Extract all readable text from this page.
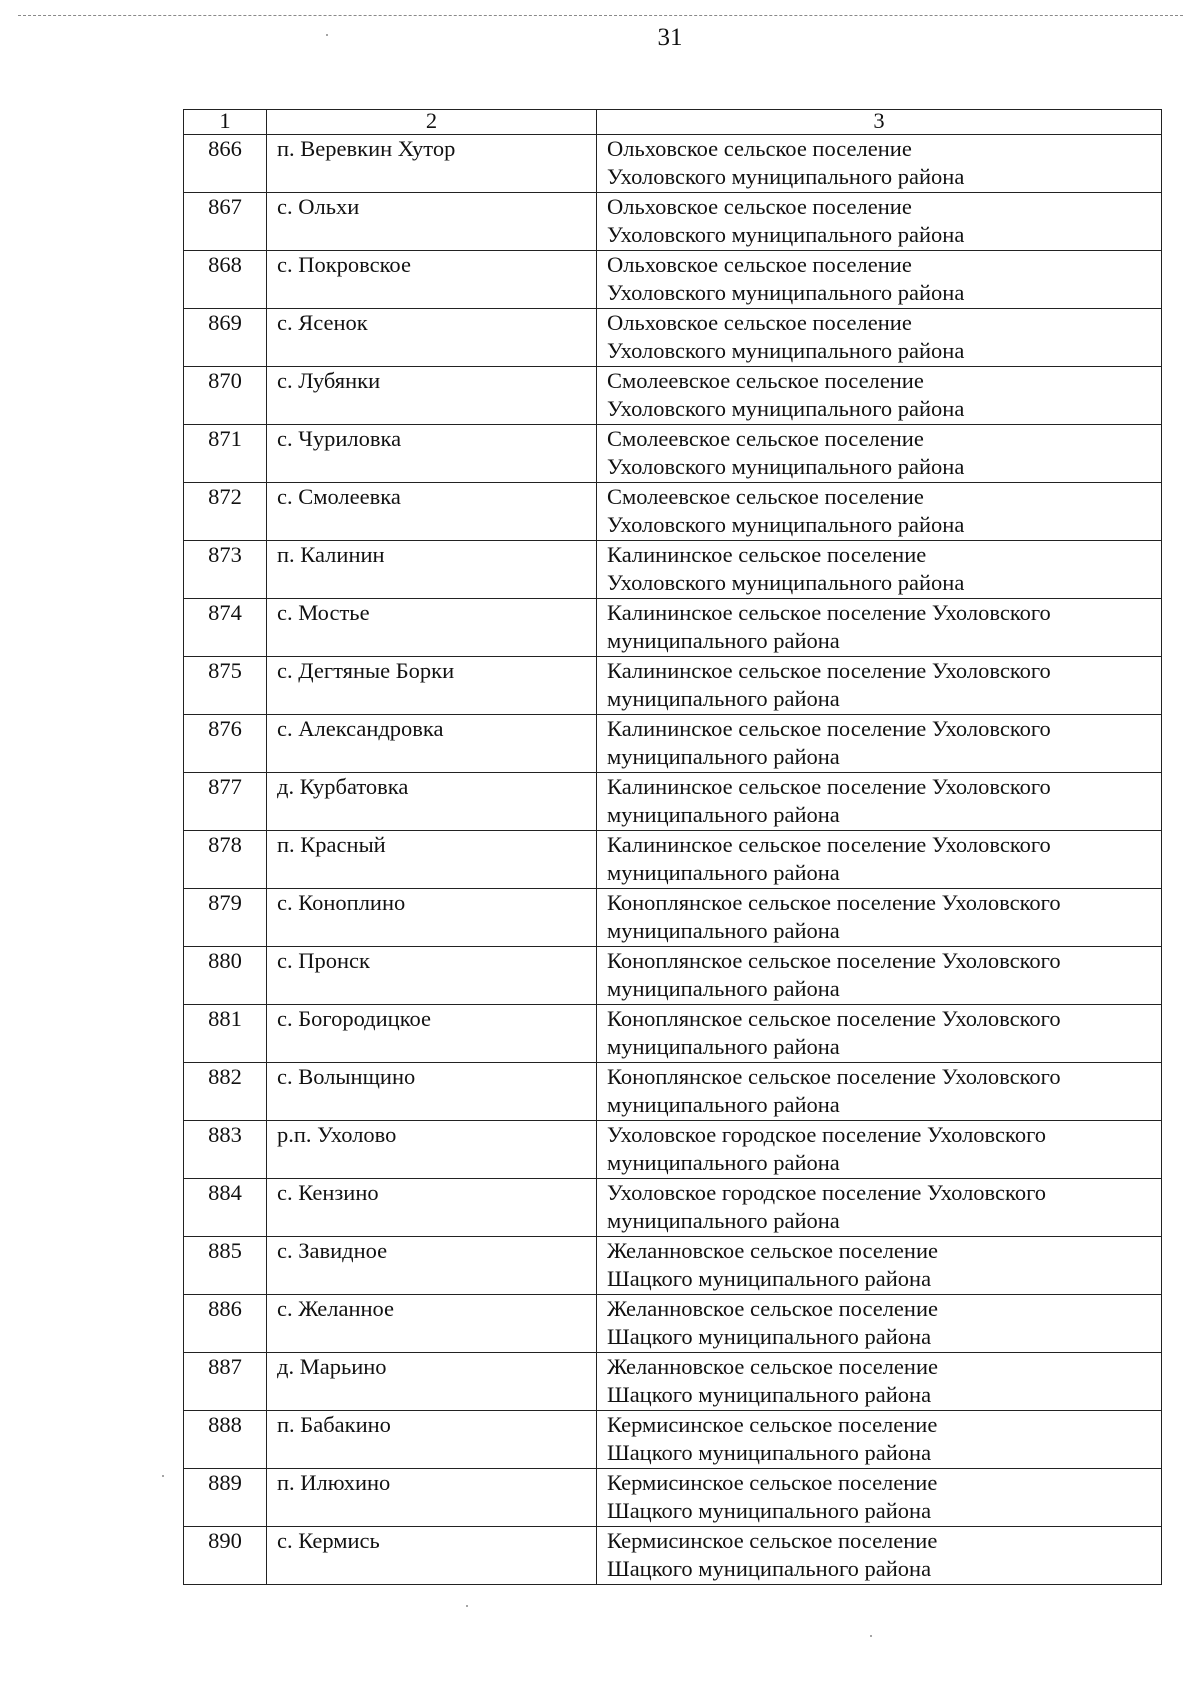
31
1	2	3
866	п. Веревкин Хутор	Ольховское сельское поселение
Ухоловского муниципального района
867	с. Ольхи	Ольховское сельское поселение
Ухоловского муниципального района
868	с. Покровское	Ольховское сельское поселение
Ухоловского муниципального района
869	с. Ясенок	Ольховское сельское поселение
Ухоловского муниципального района
870	с. Лубянки	Смолеевское сельское поселение
Ухоловского муниципального района
871	с. Чуриловка	Смолеевское сельское поселение
Ухоловского муниципального района
872	с. Смолеевка	Смолеевское сельское поселение
Ухоловского муниципального района
873	п. Калинин	Калининское сельское поселение
Ухоловского муниципального района
874	с. Мостье	Калининское сельское поселение Ухоловского
муниципального района
875	с. Дегтяные Борки	Калининское сельское поселение Ухоловского
муниципального района
876	с. Александровка	Калининское сельское поселение Ухоловского
муниципального района
877	д. Курбатовка	Калининское сельское поселение Ухоловского
муниципального района
878	п. Красный	Калининское сельское поселение Ухоловского
муниципального района
879	с. Коноплино	Коноплянское сельское поселение Ухоловского
муниципального района
880	с. Пронск	Коноплянское сельское поселение Ухоловского
муниципального района
881	с. Богородицкое	Коноплянское сельское поселение Ухоловского
муниципального района
882	с. Волынщино	Коноплянское сельское поселение Ухоловского
муниципального района
883	р.п. Ухолово	Ухоловское городское поселение Ухоловского
муниципального района
884	с. Кензино	Ухоловское городское поселение Ухоловского
муниципального района
885	с. Завидное	Желанновское сельское поселение
Шацкого муниципального района
886	с. Желанное	Желанновское сельское поселение
Шацкого муниципального района
887	д. Марьино	Желанновское сельское поселение
Шацкого муниципального района
888	п. Бабакино	Кермисинское сельское поселение
Шацкого муниципального района
889	п. Илюхино	Кермисинское сельское поселение
Шацкого муниципального района
890	с. Кермись	Кермисинское сельское поселение
Шацкого муниципального района
